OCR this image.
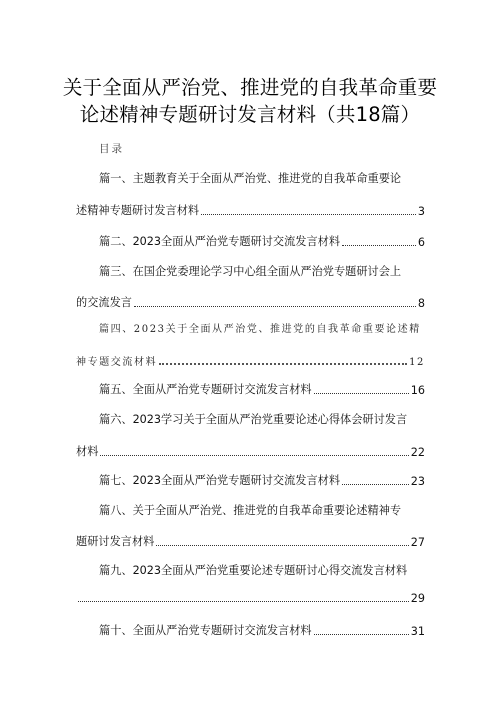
关于全面从严治党、推进党的自我革命重要
论述精神专题研讨发言材料（共18篇）
目录
篇一、主题教育关于全面从严治党、推进党的自我革命重要论
述精神专题研讨发言材料	3
篇二、2023全面从严治党专题研讨交流发言材料	6
篇三、在国企党委理论学习中心组全面从严治党专题研讨会上
的交流发言	8
篇四、2023关于全面从严治党、推进党的自我革命重要论述精
神专题交流材料	12
篇五、全面从严治党专题研讨交流发言材料	16
篇六、2023学习关于全面从严治党重要论述心得体会研讨发言
材料	22
篇七、2023全面从严治党专题研讨交流发言材料	23
篇八、关于全面从严治党、推进党的自我革命重要论述精神专
题研讨发言材料	27
篇九、2023全面从严治党重要论述专题研讨心得交流发言材料
29
篇十、全面从严治党专题研讨交流发言材料	31
